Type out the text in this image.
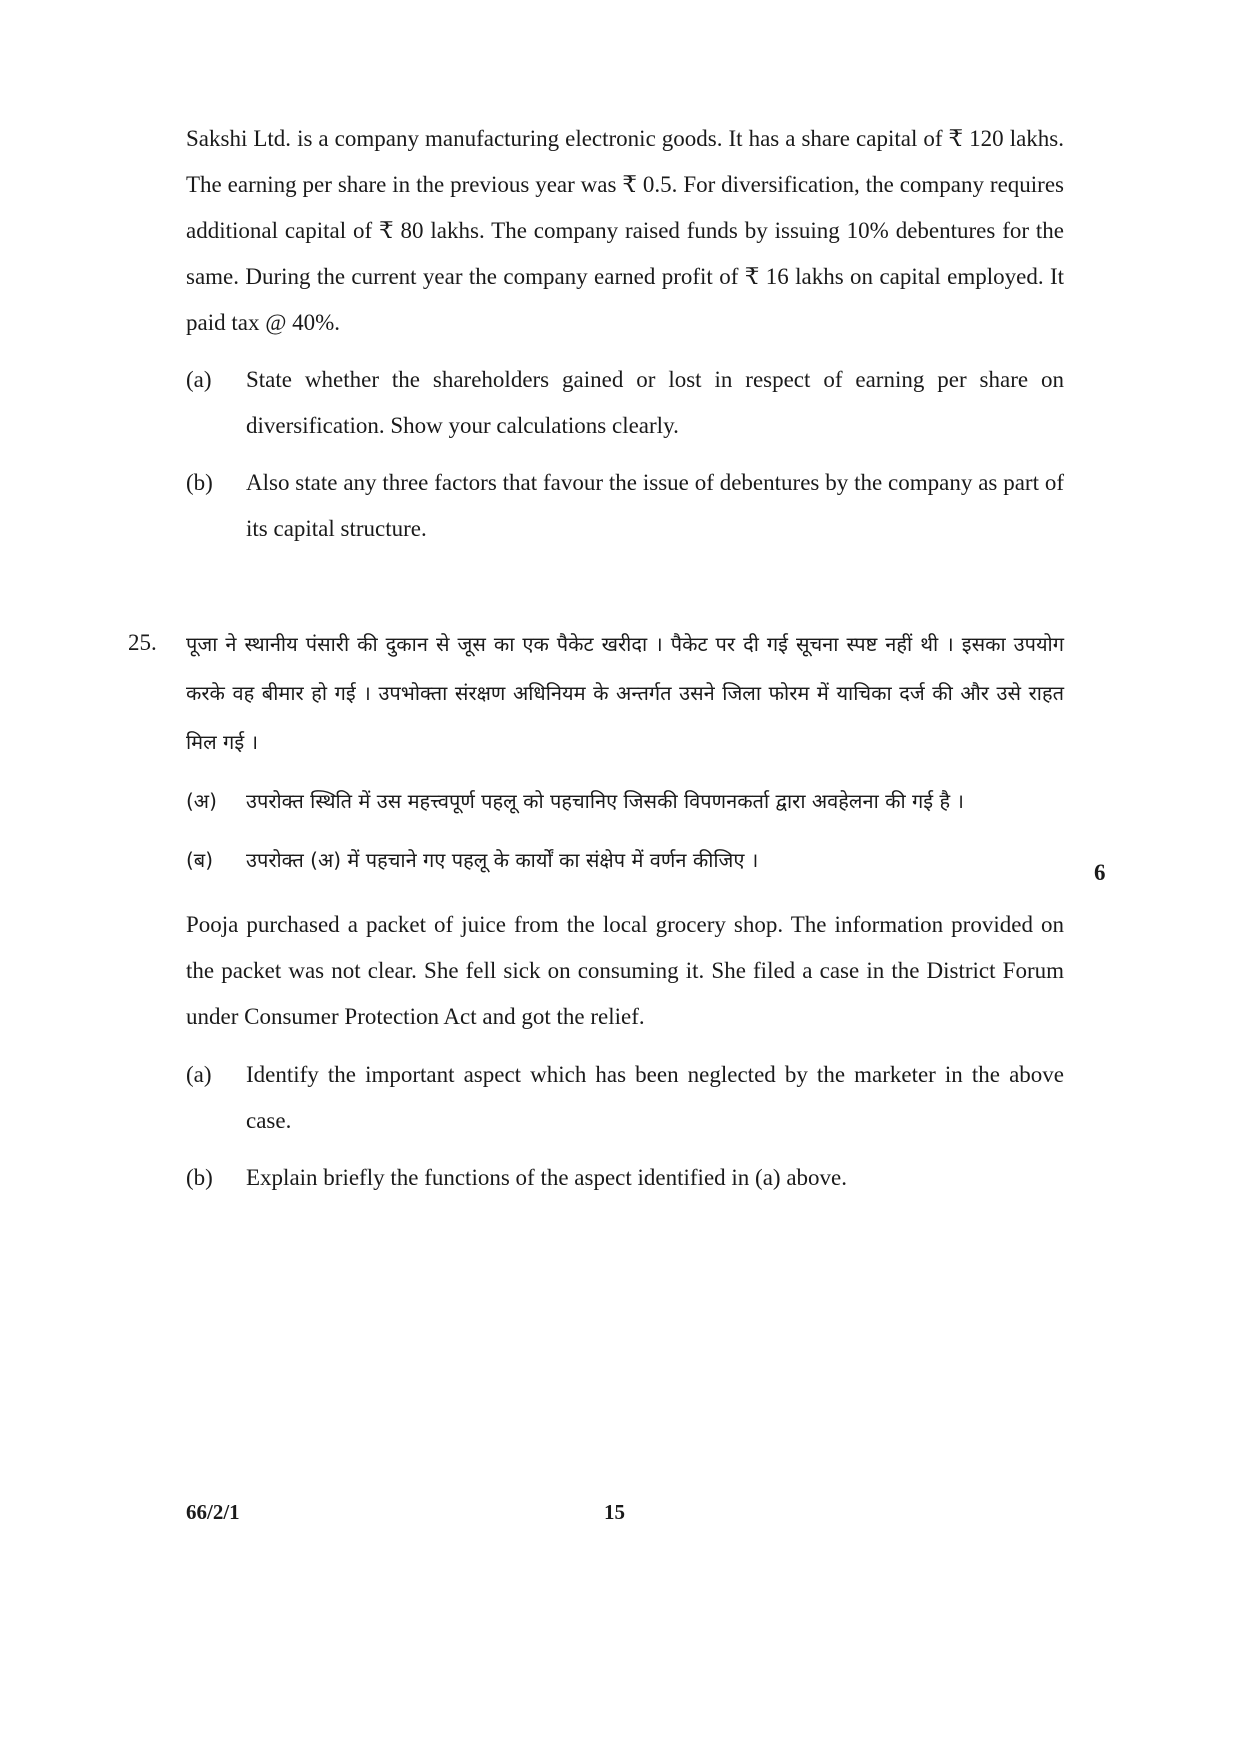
Sakshi Ltd. is a company manufacturing electronic goods. It has a share capital of ₹ 120 lakhs. The earning per share in the previous year was ₹ 0.5. For diversification, the company requires additional capital of ₹ 80 lakhs. The company raised funds by issuing 10% debentures for the same. During the current year the company earned profit of ₹ 16 lakhs on capital employed. It paid tax @ 40%.

(a)	State whether the shareholders gained or lost in respect of earning per share on diversification. Show your calculations clearly.
(b)	Also state any three factors that favour the issue of debentures by the company as part of its capital structure.
25. पूजा ने स्थानीय पंसारी की दुकान से जूस का एक पैकेट खरीदा । पैकेट पर दी गई सूचना स्पष्ट नहीं थी । इसका उपयोग करके वह बीमार हो गई । उपभोक्ता संरक्षण अधिनियम के अन्तर्गत उसने जिला फोरम में याचिका दर्ज की और उसे राहत मिल गई ।

(अ)	उपरोक्त स्थिति में उस महत्त्वपूर्ण पहलू को पहचानिए जिसकी विपणनकर्ता द्वारा अवहेलना की गई है ।
(ब)	उपरोक्त (अ) में पहचाने गए पहलू के कार्यों का संक्षेप में वर्णन कीजिए ।	6

Pooja purchased a packet of juice from the local grocery shop. The information provided on the packet was not clear. She fell sick on consuming it. She filed a case in the District Forum under Consumer Protection Act and got the relief.

(a)	Identify the important aspect which has been neglected by the marketer in the above case.
(b)	Explain briefly the functions of the aspect identified in (a) above.
66/2/1	15
